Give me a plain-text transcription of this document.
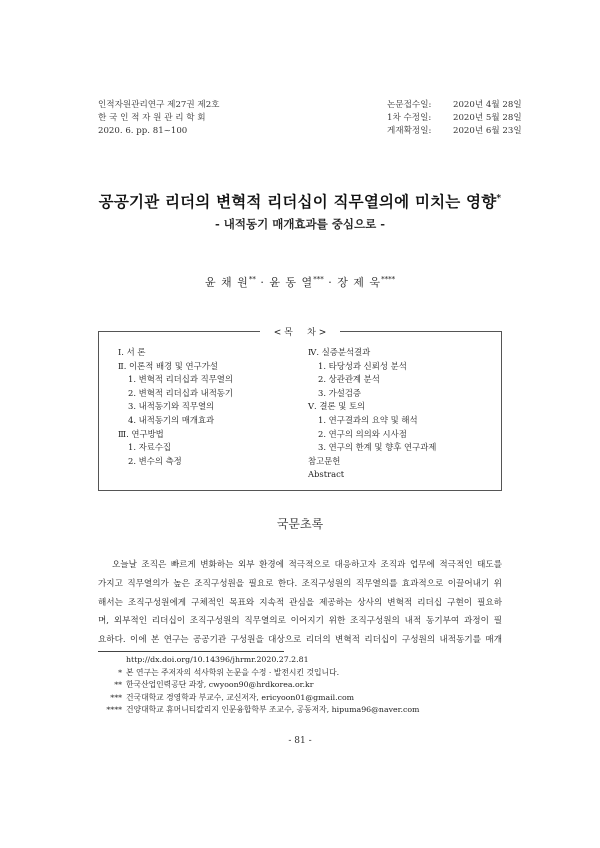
인적자원관리연구 제27권 제2호
한 국 인 적 자 원 관 리 학 회
2020. 6. pp. 81~100
논문접수일:	2020년 4월 28일
1차 수정일:	2020년 5월 28일
게재확정일:	2020년 6월 23일
공공기관 리더의 변혁적 리더십이 직무열의에 미치는 영향*
- 내적동기 매개효과를 중심으로 -
윤 채 원** · 윤 동 열*** · 장 제 욱****
< 목     차 >
Ⅰ. 서 론
Ⅱ. 이론적 배경 및 연구가설
1. 변혁적 리더십과 직무열의
2. 변혁적 리더십과 내적동기
3. 내적동기와 직무열의
4. 내적동기의 매개효과
Ⅲ. 연구방법
1. 자료수집
2. 변수의 측정
Ⅳ. 실증분석결과
1. 타당성과 신뢰성 분석
2. 상관관계 분석
3. 가설검증
Ⅴ. 결론 및 토의
1. 연구결과의 요약 및 해석
2. 연구의 의의와 시사점
3. 연구의 한계 및 향후 연구과제
참고문헌
Abstract
국문초록
오늘날 조직은 빠르게 변화하는 외부 환경에 적극적으로 대응하고자 조직과 업무에 적극적인 태도를
가지고 직무열의가 높은 조직구성원을 필요로 한다. 조직구성원의 직무열의를 효과적으로 이끌어내기 위
해서는 조직구성원에게 구체적인 목표와 지속적 관심을 제공하는 상사의 변혁적 리더십 구현이 필요하
며, 외부적인 리더십이 조직구성원의 직무열의로 이어지기 위한 조직구성원의 내적 동기부여 과정이 필
요하다. 이에 본 연구는 공공기관 구성원을 대상으로 리더의 변혁적 리더십이 구성원의 내적동기를 매개
http://dx.doi.org/10.14396/jhrmr.2020.27.2.81
* 본 연구는 주저자의 석사학위 논문을 수정 · 발전시킨 것입니다.
** 한국산업인력공단 과장, cwyoon90@hrdkorea.or.kr
*** 건국대학교 경영학과 부교수, 교신저자, ericyoon01@gmail.com
**** 건양대학교 휴머니티칼리지 인문융합학부 조교수, 공동저자, hipuma96@naver.com
- 81 -
